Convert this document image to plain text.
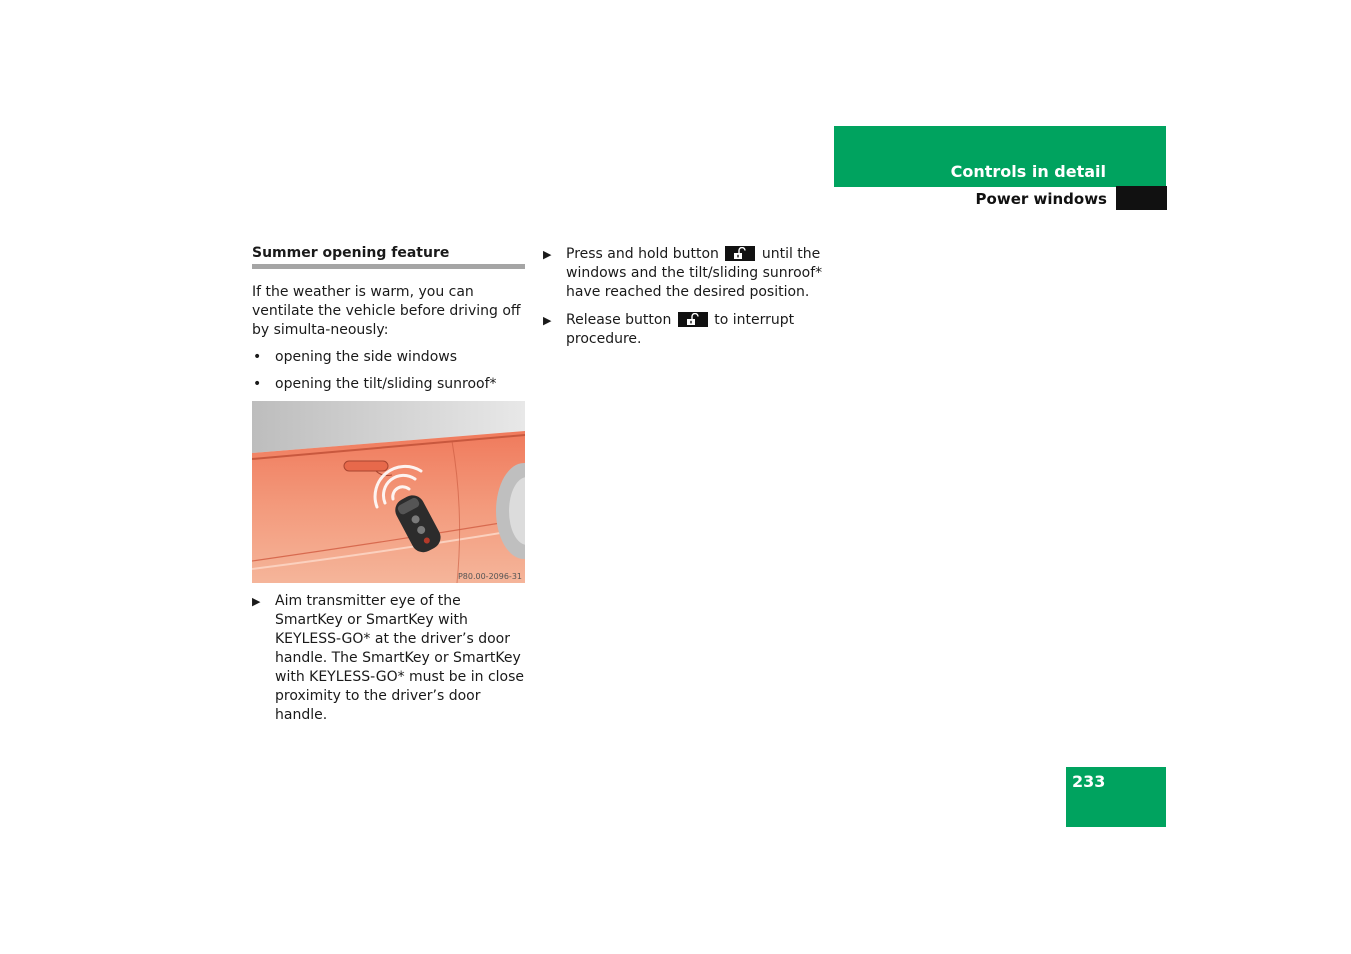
Controls in detail
Power windows
Summer opening feature

If the weather is warm, you can ventilate the vehicle before driving off by simulta-neously:

• opening the side windows

• opening the tilt/sliding sunroof*

P80.00-2096-31

▶ Aim transmitter eye of the SmartKey or SmartKey with KEYLESS-GO* at the driver’s door handle. The SmartKey or SmartKey with KEYLESS-GO* must be in close proximity to the driver’s door handle.

▶ Press and hold button	until the windows and the tilt/sliding sunroof* have reached the desired position.

▶ Release button	to interrupt procedure.

233
